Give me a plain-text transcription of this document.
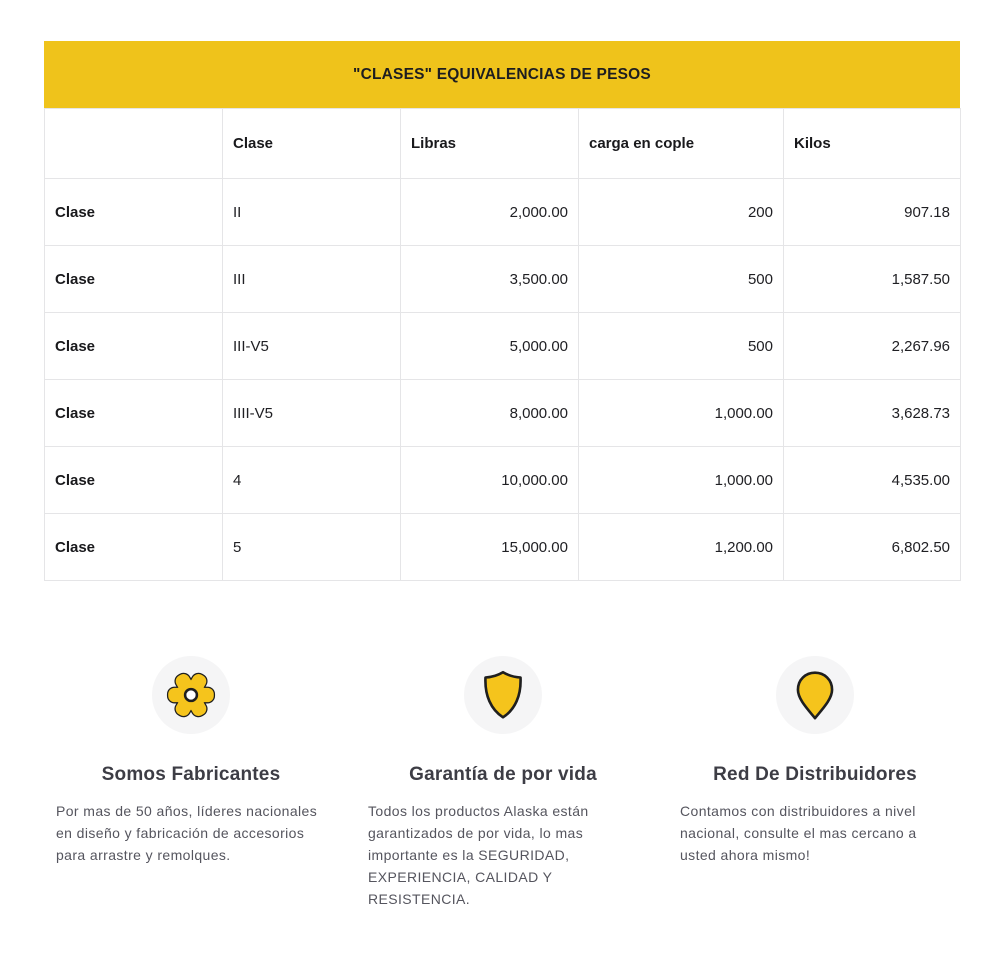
"CLASES" EQUIVALENCIAS DE PESOS
	Clase	Libras	carga en cople	Kilos
Clase	II	2,000.00	200	907.18
Clase	III	3,500.00	500	1,587.50
Clase	III-V5	5,000.00	500	2,267.96
Clase	IIII-V5	8,000.00	1,000.00	3,628.73
Clase	4	10,000.00	1,000.00	4,535.00
Clase	5	15,000.00	1,200.00	6,802.50
Somos Fabricantes

Por mas de 50 años, líderes nacionales en diseño y fabricación de accesorios para arrastre y remolques.

Garantía de por vida

Todos los productos Alaska están garantizados de por vida, lo mas importante es la SEGURIDAD, EXPERIENCIA, CALIDAD Y RESISTENCIA.

Red De Distribuidores

Contamos con distribuidores a nivel nacional, consulte el mas cercano a usted ahora mismo!
